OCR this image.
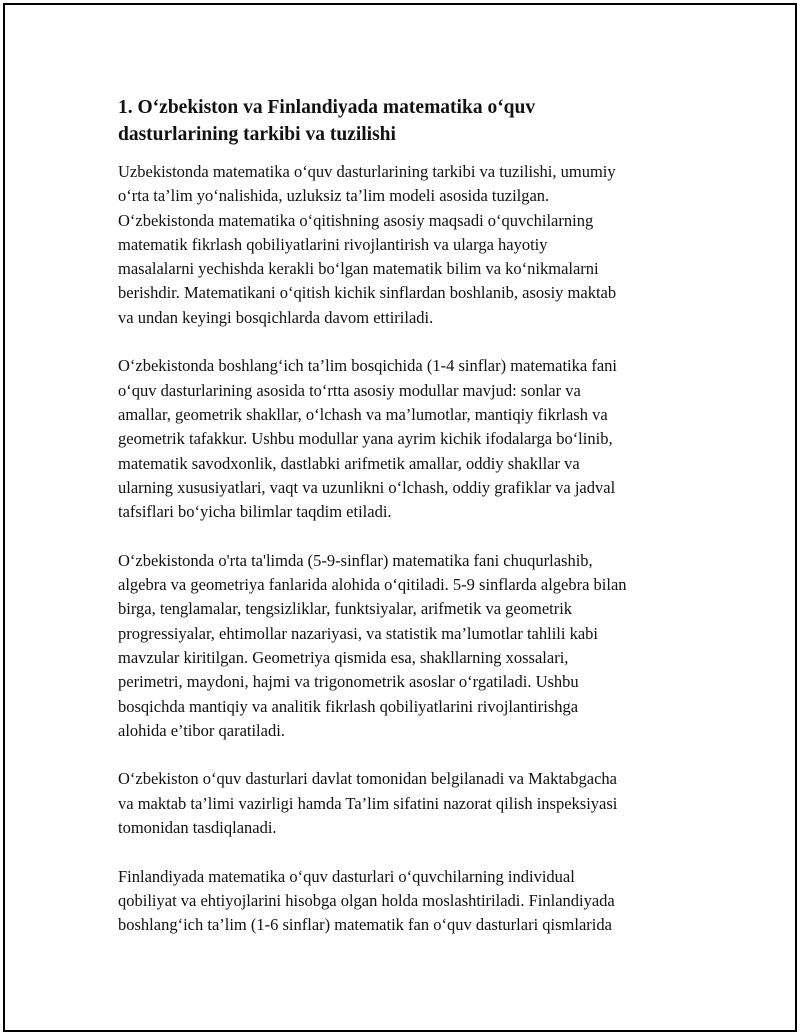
1. O‘zbekiston va Finlandiyada matematika o‘quv
dasturlarining tarkibi va tuzilishi

Uzbekistonda matematika o‘quv dasturlarining tarkibi va tuzilishi, umumiy
o‘rta ta’lim yo‘nalishida, uzluksiz ta’lim modeli asosida tuzilgan.
O‘zbekistonda matematika o‘qitishning asosiy maqsadi o‘quvchilarning
matematik fikrlash qobiliyatlarini rivojlantirish va ularga hayotiy
masalalarni yechishda kerakli bo‘lgan matematik bilim va ko‘nikmalarni
berishdir. Matematikani o‘qitish kichik sinflardan boshlanib, asosiy maktab
va undan keyingi bosqichlarda davom ettiriladi.

O‘zbekistonda boshlang‘ich ta’lim bosqichida (1-4 sinflar) matematika fani
o‘quv dasturlarining asosida to‘rtta asosiy modullar mavjud: sonlar va
amallar, geometrik shakllar, o‘lchash va ma’lumotlar, mantiqiy fikrlash va
geometrik tafakkur. Ushbu modullar yana ayrim kichik ifodalarga bo‘linib,
matematik savodxonlik, dastlabki arifmetik amallar, oddiy shakllar va
ularning xususiyatlari, vaqt va uzunlikni o‘lchash, oddiy grafiklar va jadval
tafsiflari bo‘yicha bilimlar taqdim etiladi.

O‘zbekistonda o'rta ta'limda (5-9-sinflar) matematika fani chuqurlashib,
algebra va geometriya fanlarida alohida o‘qitiladi. 5-9 sinflarda algebra bilan
birga, tenglamalar, tengsizliklar, funktsiyalar, arifmetik va geometrik
progressiyalar, ehtimollar nazariyasi, va statistik ma’lumotlar tahlili kabi
mavzular kiritilgan. Geometriya qismida esa, shakllarning xossalari,
perimetri, maydoni, hajmi va trigonometrik asoslar o‘rgatiladi. Ushbu
bosqichda mantiqiy va analitik fikrlash qobiliyatlarini rivojlantirishga
alohida e’tibor qaratiladi.

O‘zbekiston o‘quv dasturlari davlat tomonidan belgilanadi va Maktabgacha
va maktab ta’limi vazirligi hamda Ta’lim sifatini nazorat qilish inspeksiyasi
tomonidan tasdiqlanadi.

Finlandiyada matematika o‘quv dasturlari o‘quvchilarning individual
qobiliyat va ehtiyojlarini hisobga olgan holda moslashtiriladi. Finlandiyada
boshlang‘ich ta’lim (1-6 sinflar) matematik fan o‘quv dasturlari qismlarida
